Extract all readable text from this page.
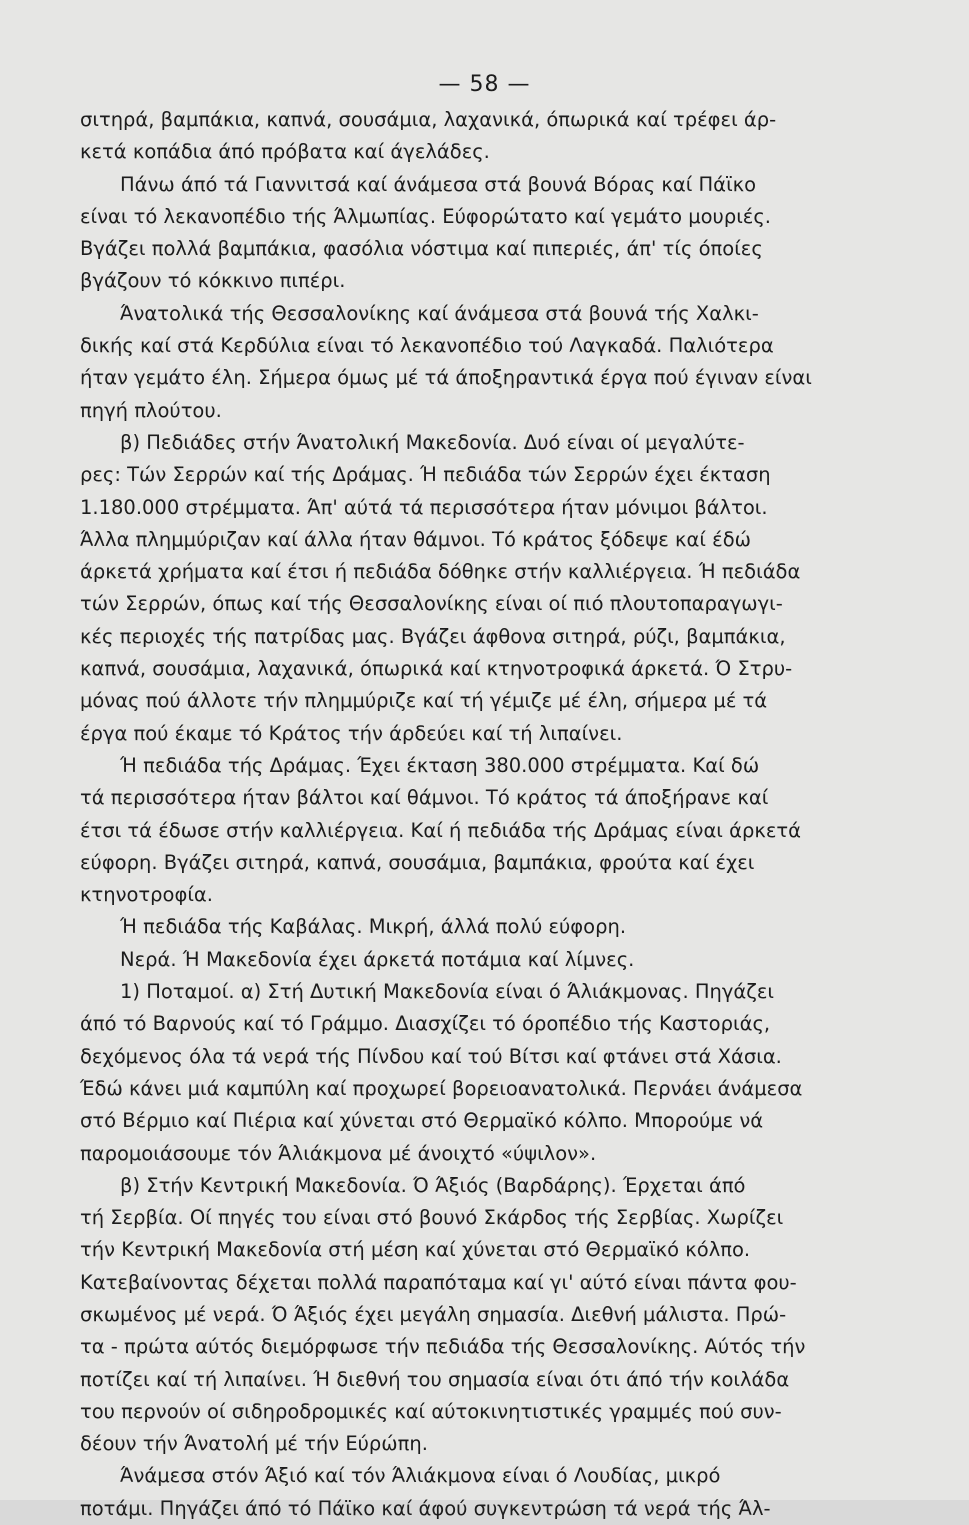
— 58 —
σιτηρά, βαμπάκια, καπνά, σουσάμια, λαχανικά, όπωρικά καί τρέφει άρ-
κετά κοπάδια άπό πρόβατα καί άγελάδες.
Πάνω άπό τά Γιαννιτσά καί άνάμεσα στά βουνά Βόρας καί Πάϊκο
είναι τό λεκανοπέδιο τής Άλμωπίας. Εύφορώτατο καί γεμάτο μουριές.
Βγάζει πολλά βαμπάκια, φασόλια νόστιμα καί πιπεριές, άπ' τίς όποίες
βγάζουν τό κόκκινο πιπέρι.
Άνατολικά τής Θεσσαλονίκης καί άνάμεσα στά βουνά τής Χαλκι-
δικής καί στά Κερδύλια είναι τό λεκανοπέδιο τού Λαγκαδά. Παλιότερα
ήταν γεμάτο έλη. Σήμερα όμως μέ τά άποξηραντικά έργα πού έγιναν είναι
πηγή πλούτου.
β) Πεδιάδες στήν Άνατολική Μακεδονία. Δυό είναι οί μεγαλύτε-
ρες: Τών Σερρών καί τής Δράμας. Ή πεδιάδα τών Σερρών έχει έκταση
1.180.000 στρέμματα. Άπ' αύτά τά περισσότερα ήταν μόνιμοι βάλτοι.
Άλλα πλημμύριζαν καί άλλα ήταν θάμνοι. Τό κράτος ξόδεψε καί έδώ
άρκετά χρήματα καί έτσι ή πεδιάδα δόθηκε στήν καλλιέργεια. Ή πεδιάδα
τών Σερρών, όπως καί τής Θεσσαλονίκης είναι οί πιό πλουτοπαραγωγι-
κές περιοχές τής πατρίδας μας. Βγάζει άφθονα σιτηρά, ρύζι, βαμπάκια,
καπνά, σουσάμια, λαχανικά, όπωρικά καί κτηνοτροφικά άρκετά. Ό Στρυ-
μόνας πού άλλοτε τήν πλημμύριζε καί τή γέμιζε μέ έλη, σήμερα μέ τά
έργα πού έκαμε τό Κράτος τήν άρδεύει καί τή λιπαίνει.
Ή πεδιάδα τής Δράμας. Έχει έκταση 380.000 στρέμματα. Καί δώ
τά περισσότερα ήταν βάλτοι καί θάμνοι. Τό κράτος τά άποξήρανε καί
έτσι τά έδωσε στήν καλλιέργεια. Καί ή πεδιάδα τής Δράμας είναι άρκετά
εύφορη. Βγάζει σιτηρά, καπνά, σουσάμια, βαμπάκια, φρούτα καί έχει
κτηνοτροφία.
Ή πεδιάδα τής Καβάλας. Μικρή, άλλά πολύ εύφορη.
Νερά. Ή Μακεδονία έχει άρκετά ποτάμια καί λίμνες.
1) Ποταμοί. α) Στή Δυτική Μακεδονία είναι ό Άλιάκμονας. Πηγάζει
άπό τό Βαρνούς καί τό Γράμμο. Διασχίζει τό όροπέδιο τής Καστοριάς,
δεχόμενος όλα τά νερά τής Πίνδου καί τού Βίτσι καί φτάνει στά Χάσια.
Έδώ κάνει μιά καμπύλη καί προχωρεί βορειοανατολικά. Περνάει άνάμεσα
στό Βέρμιο καί Πιέρια καί χύνεται στό Θερμαϊκό κόλπο. Μπορούμε νά
παρομοιάσουμε τόν Άλιάκμονα μέ άνοιχτό «ύψιλον».
β) Στήν Κεντρική Μακεδονία. Ό Άξιός (Βαρδάρης). Έρχεται άπό
τή Σερβία. Οί πηγές του είναι στό βουνό Σκάρδος τής Σερβίας. Χωρίζει
τήν Κεντρική Μακεδονία στή μέση καί χύνεται στό Θερμαϊκό κόλπο.
Κατεβαίνοντας δέχεται πολλά παραπόταμα καί γι' αύτό είναι πάντα φου-
σκωμένος μέ νερά. Ό Άξιός έχει μεγάλη σημασία. Διεθνή μάλιστα. Πρώ-
τα - πρώτα αύτός διεμόρφωσε τήν πεδιάδα τής Θεσσαλονίκης. Αύτός τήν
ποτίζει καί τή λιπαίνει. Ή διεθνή του σημασία είναι ότι άπό τήν κοιλάδα
του περνούν οί σιδηροδρομικές καί αύτοκινητιστικές γραμμές πού συν-
δέουν τήν Άνατολή μέ τήν Εύρώπη.
Άνάμεσα στόν Άξιό καί τόν Άλιάκμονα είναι ό Λουδίας, μικρό
ποτάμι. Πηγάζει άπό τό Πάϊκο καί άφού συγκεντρώση τά νερά τής Άλ-
